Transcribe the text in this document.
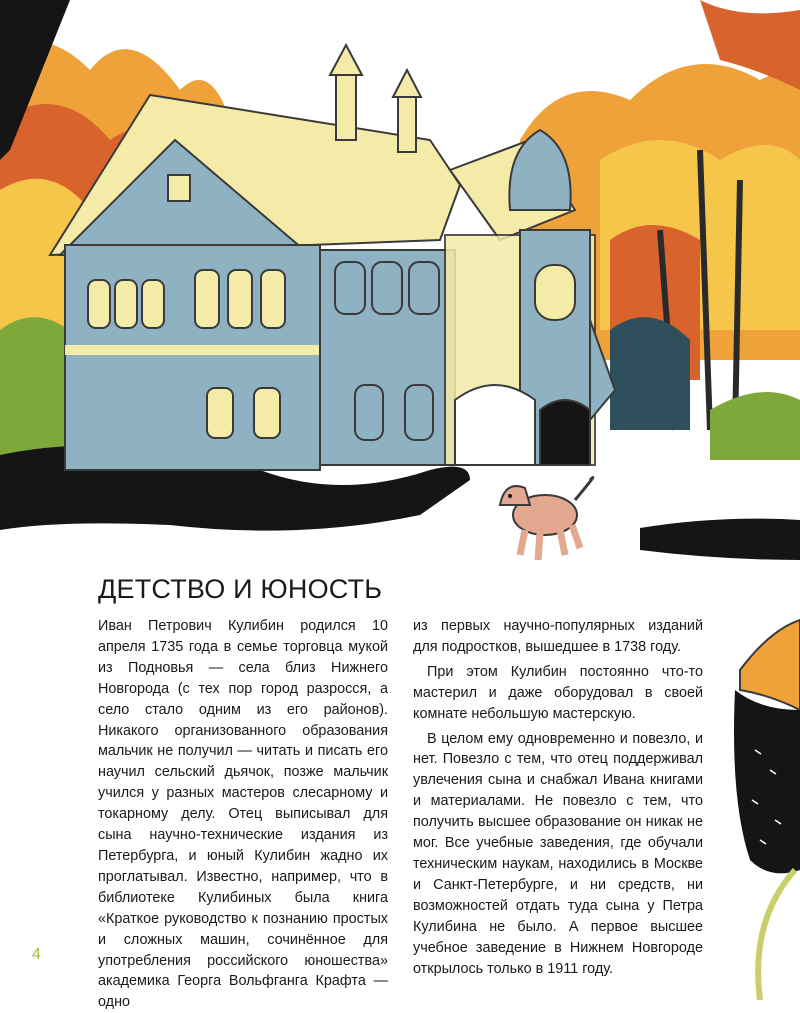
ДЕТСТВО И ЮНОСТЬ

Иван Петрович Кулибин родился 10 апреля 1735 года в семье торговца мукой из Подновья — села близ Нижнего Новгорода (с тех пор город разросся, а село стало одним из его районов). Никакого организованного образования мальчик не получил — читать и писать его научил сельский дьячок, позже мальчик учился у разных мастеров слесарному и токарному делу. Отец выписывал для сына научно-технические издания из Петербурга, и юный Кулибин жадно их проглатывал. Известно, например, что в библиотеке Кулибиных была книга «Краткое руководство к познанию простых и сложных машин, сочинённое для употребления российского юношества» академика Георга Вольфганга Крафта — одно

из первых научно-популярных изданий для подростков, вышедшее в 1738 году.

При этом Кулибин постоянно что-то мастерил и даже оборудовал в своей комнате небольшую мастерскую.

В целом ему одновременно и повезло, и нет. Повезло с тем, что отец поддерживал увлечения сына и снабжал Ивана книгами и материалами. Не повезло с тем, что получить высшее образование он никак не мог. Все учебные заведения, где обучали техническим наукам, находились в Москве и Санкт-Петербурге, и ни средств, ни возможностей отдать туда сына у Петра Кулибина не было. А первое высшее учебное заведение в Нижнем Новгороде открылось только в 1911 году.

4
